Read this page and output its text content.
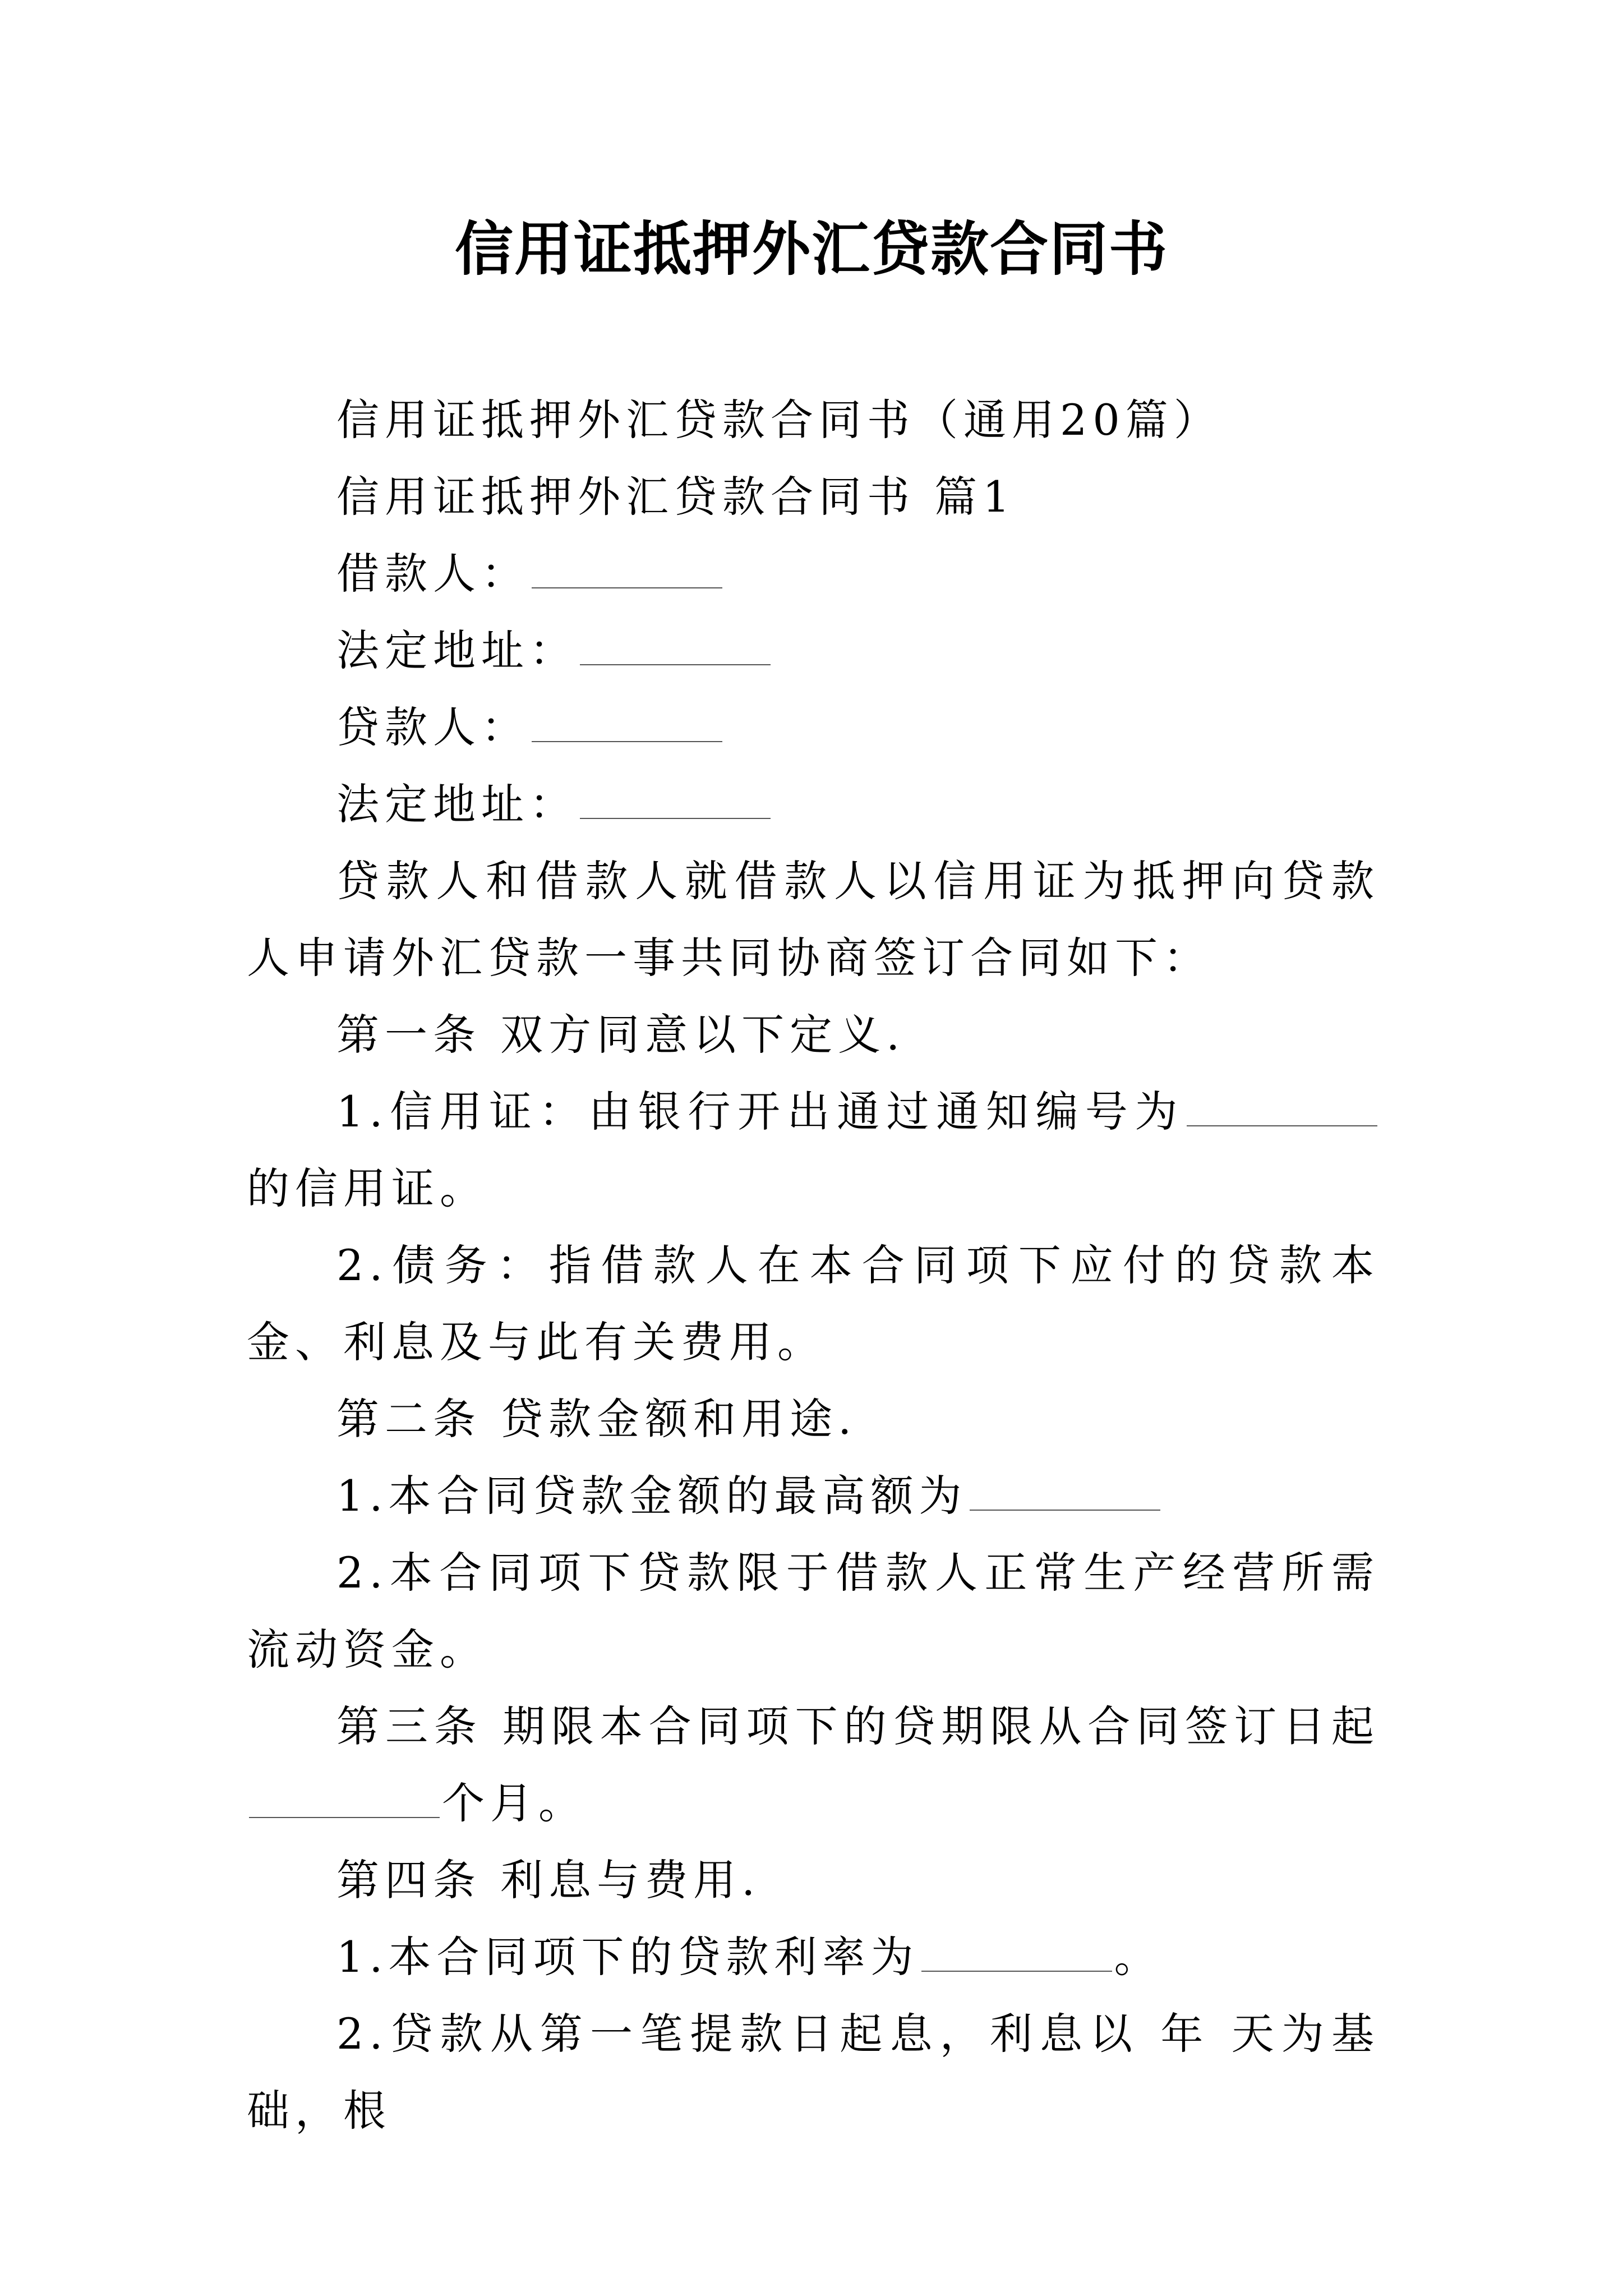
信用证抵押外汇贷款合同书

信用证抵押外汇贷款合同书（通用20篇）

信用证抵押外汇贷款合同书 篇1

借款人：

法定地址：

贷款人：

法定地址：

贷款人和借款人就借款人以信用证为抵押向贷款人申请外汇贷款一事共同协商签订合同如下：

第一条 双方同意以下定义.

1.信用证：由银行开出通过通知编号为的信用证。

2.债务：指借款人在本合同项下应付的贷款本金、利息及与此有关费用。

第二条 贷款金额和用途.

1.本合同贷款金额的最高额为

2.本合同项下贷款限于借款人正常生产经营所需流动资金。

第三条 期限本合同项下的贷期限从合同签订日起个月。

第四条 利息与费用.

1.本合同项下的贷款利率为	。

2.贷款从第一笔提款日起息，利息以 年 天为基础，根
